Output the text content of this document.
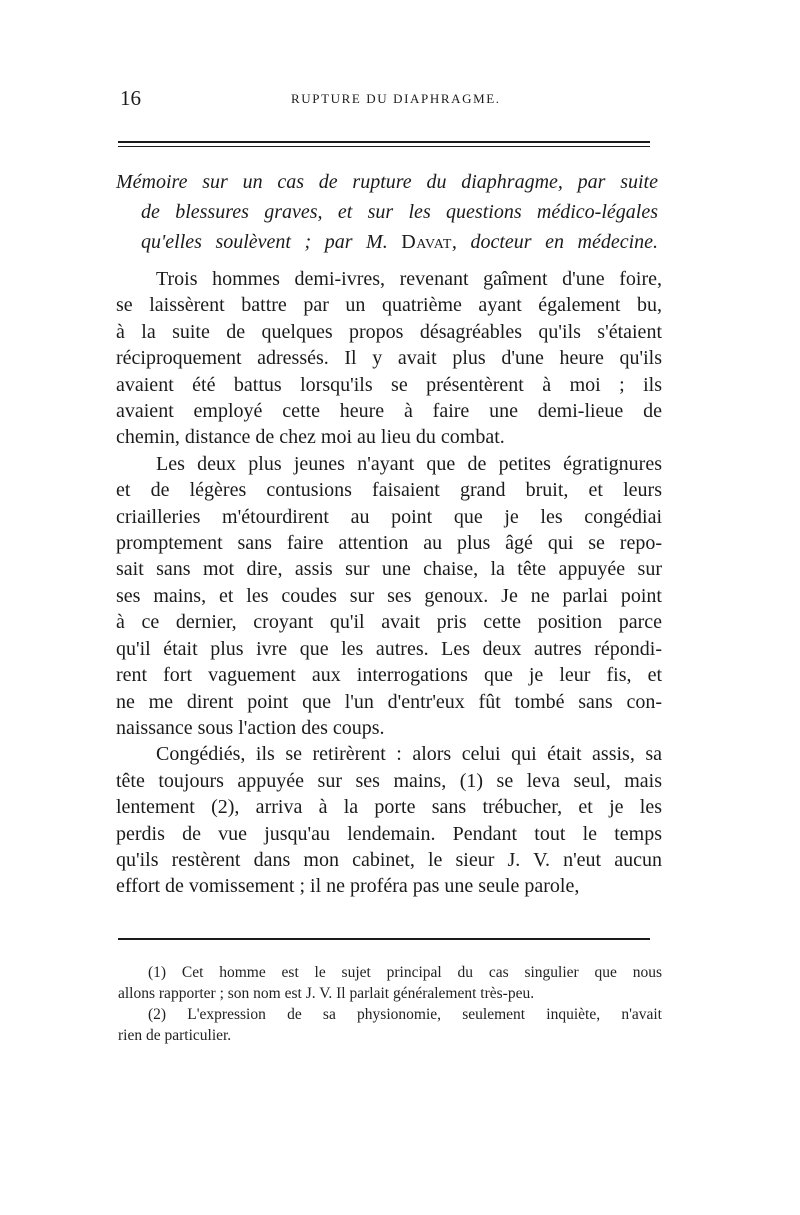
16	RUPTURE DU DIAPHRAGME.
Mémoire sur un cas de rupture du diaphragme, par suite
de blessures graves, et sur les questions médico-légales
qu'elles soulèvent ; par M. Davat, docteur en médecine.
Trois hommes demi-ivres, revenant gaîment d'une foire,
se laissèrent battre par un quatrième ayant également bu,
à la suite de quelques propos désagréables qu'ils s'étaient
réciproquement adressés. Il y avait plus d'une heure qu'ils
avaient été battus lorsqu'ils se présentèrent à moi ; ils
avaient employé cette heure à faire une demi-lieue de
chemin, distance de chez moi au lieu du combat.
Les deux plus jeunes n'ayant que de petites égratignures
et de légères contusions faisaient grand bruit, et leurs
criailleries m'étourdirent au point que je les congédiai
promptement sans faire attention au plus âgé qui se repo-
sait sans mot dire, assis sur une chaise, la tête appuyée sur
ses mains, et les coudes sur ses genoux. Je ne parlai point
à ce dernier, croyant qu'il avait pris cette position parce
qu'il était plus ivre que les autres. Les deux autres répondi-
rent fort vaguement aux interrogations que je leur fis, et
ne me dirent point que l'un d'entr'eux fût tombé sans con-
naissance sous l'action des coups.
Congédiés, ils se retirèrent : alors celui qui était assis, sa
tête toujours appuyée sur ses mains, (1) se leva seul, mais
lentement (2), arriva à la porte sans trébucher, et je les
perdis de vue jusqu'au lendemain. Pendant tout le temps
qu'ils restèrent dans mon cabinet, le sieur J. V. n'eut aucun
effort de vomissement ; il ne proféra pas une seule parole,
(1) Cet homme est le sujet principal du cas singulier que nous
allons rapporter ; son nom est J. V. Il parlait généralement très-peu.
(2) L'expression de sa physionomie, seulement inquiète, n'avait
rien de particulier.
